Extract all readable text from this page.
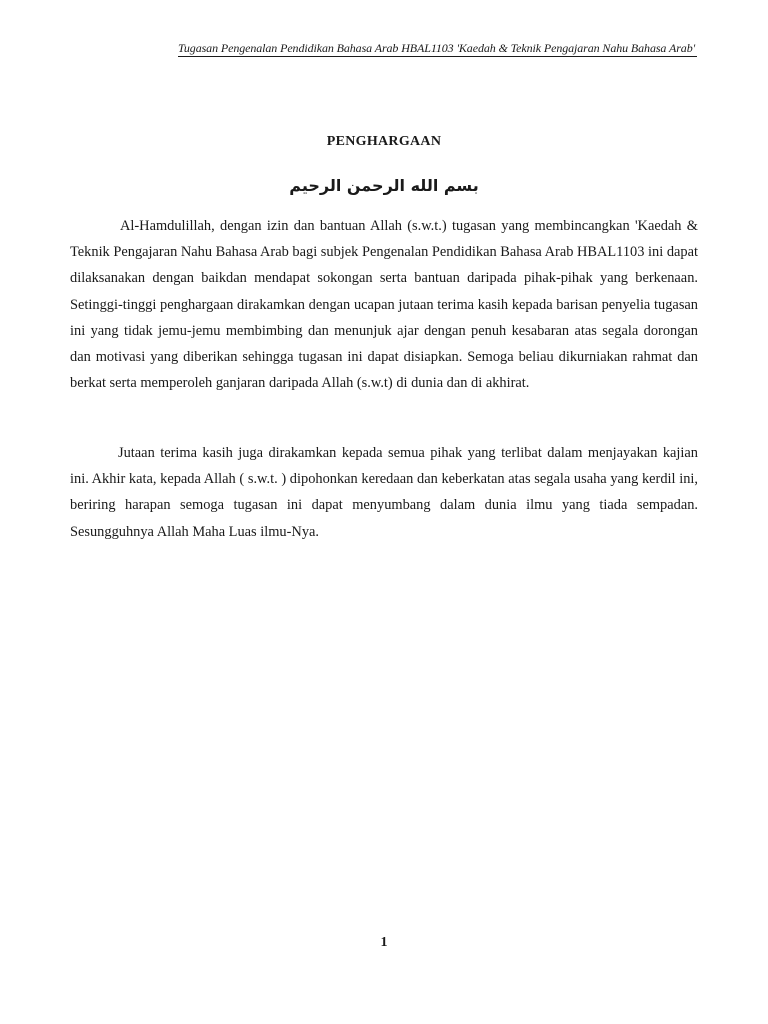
Tugasan Pengenalan Pendidikan Bahasa Arab HBAL1103 'Kaedah & Teknik Pengajaran Nahu Bahasa Arab'
PENGHARGAAN
بسم الله الرحمن الرحيم

Al-Hamdulillah, dengan izin dan bantuan Allah (s.w.t.) tugasan yang membincangkan 'Kaedah & Teknik Pengajaran Nahu Bahasa Arab bagi subjek Pengenalan Pendidikan Bahasa Arab HBAL1103 ini dapat dilaksanakan dengan baikdan mendapat sokongan serta bantuan daripada pihak-pihak yang berkenaan. Setinggi-tinggi penghargaan dirakamkan dengan ucapan jutaan terima kasih kepada barisan penyelia tugasan ini yang tidak jemu-jemu membimbing dan menunjuk ajar dengan penuh kesabaran atas segala dorongan dan motivasi yang diberikan sehingga tugasan ini dapat disiapkan. Semoga beliau dikurniakan rahmat dan berkat serta memperoleh ganjaran daripada Allah (s.w.t) di dunia dan di akhirat.

Jutaan terima kasih juga dirakamkan kepada semua pihak yang terlibat dalam menjayakan kajian ini. Akhir kata, kepada Allah ( s.w.t. ) dipohonkan keredaan dan keberkatan atas segala usaha yang kerdil ini, beriring harapan semoga tugasan ini dapat menyumbang dalam dunia ilmu yang tiada sempadan. Sesungguhnya Allah Maha Luas ilmu-Nya.

1
